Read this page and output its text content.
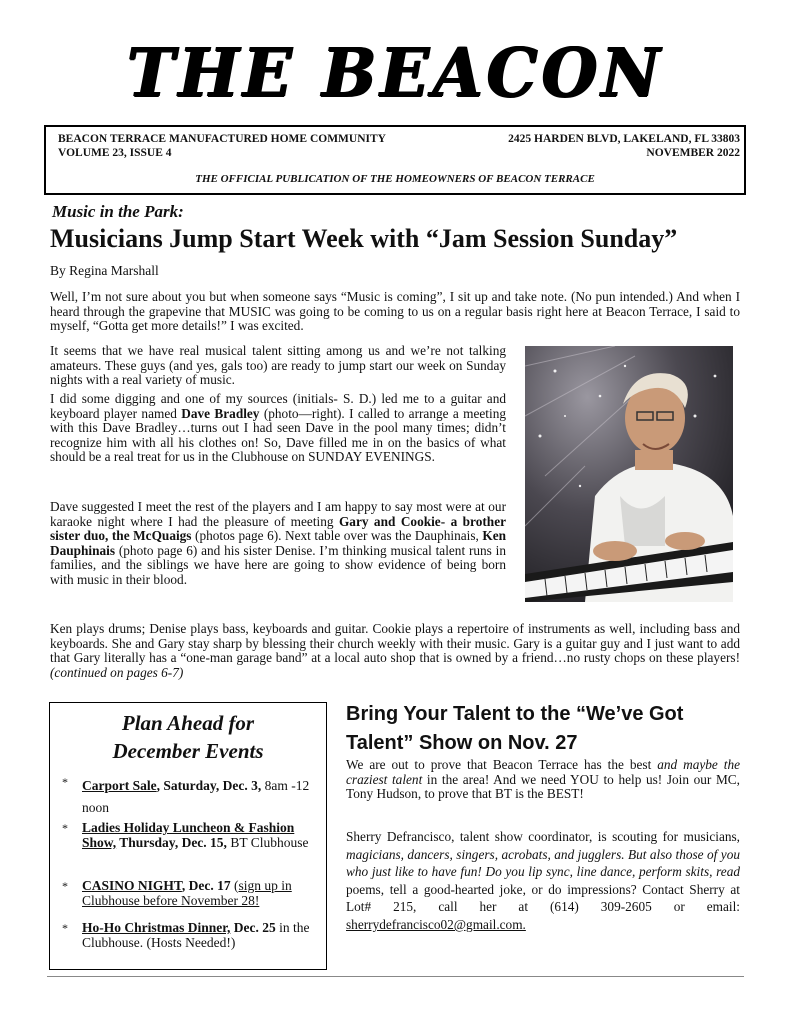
THE BEACON
BEACON TERRACE MANUFACTURED HOME COMMUNITY
VOLUME 23, ISSUE 4
2425 HARDEN BLVD, LAKELAND, FL 33803
NOVEMBER 2022
THE OFFICIAL PUBLICATION OF THE HOMEOWNERS OF BEACON TERRACE
Music in the Park:
Musicians Jump Start Week with “Jam Session Sunday”
By Regina Marshall

Well, I’m not sure about you but when someone says “Music is coming”, I sit up and take note. (No pun intended.) And when I heard through the grapevine that MUSIC was going to be coming to us on a regular basis right here at Beacon Terrace, I said to myself, “Gotta get more details!” I was excited.

It seems that we have real musical talent sitting among us and we’re not talking amateurs. These guys (and yes, gals too) are ready to jump start our week on Sunday nights with a real variety of music.

I did some digging and one of my sources (initials- S. D.) led me to a guitar and keyboard player named Dave Bradley (photo—right). I called to arrange a meeting with this Dave Bradley…turns out I had seen Dave in the pool many times; didn’t recognize him with all his clothes on! So, Dave filled me in on the basics of what should be a real treat for us in the Clubhouse on SUNDAY EVENINGS.

Dave suggested I meet the rest of the players and I am happy to say most were at our karaoke night where I had the pleasure of meeting Gary and Cookie- a brother sister duo, the McQuaigs (photos page 6). Next table over was the Dauphinais, Ken Dauphinais (photo page 6) and his sister Denise. I’m thinking musical talent runs in families, and the siblings we have here are going to show evidence of being born with music in their blood.

Ken plays drums; Denise plays bass, keyboards and guitar. Cookie plays a repertoire of instruments as well, including bass and keyboards. She and Gary stay sharp by blessing their church weekly with their music. Gary is a guitar guy and I just want to add that Gary literally has a “one-man garage band” at a local auto shop that is owned by a friend…no rusty chops on these players! (continued on pages 6-7)

Plan Ahead for
December Events
* Carport Sale, Saturday, Dec. 3, 8am -12 noon
* Ladies Holiday Luncheon & Fashion Show, Thursday, Dec. 15, BT Clubhouse
* CASINO NIGHT, Dec. 17 (sign up in Clubhouse before November 28!
* Ho-Ho Christmas Dinner, Dec. 25 in the Clubhouse. (Hosts Needed!)
Bring Your Talent to the “We’ve Got
Talent” Show on Nov. 27

We are out to prove that Beacon Terrace has the best and maybe the craziest talent in the area! And we need YOU to help us! Join our MC, Tony Hudson, to prove that BT is the BEST!

Sherry Defrancisco, talent show coordinator, is scouting for musicians, magicians, dancers, singers, acrobats, and jugglers. But also those of you who just like to have fun! Do you lip sync, line dance, perform skits, read poems, tell a good-hearted joke, or do impressions? Contact Sherry at Lot# 215, call her at (614) 309-2605 or email: sherrydefrancisco02@gmail.com.
